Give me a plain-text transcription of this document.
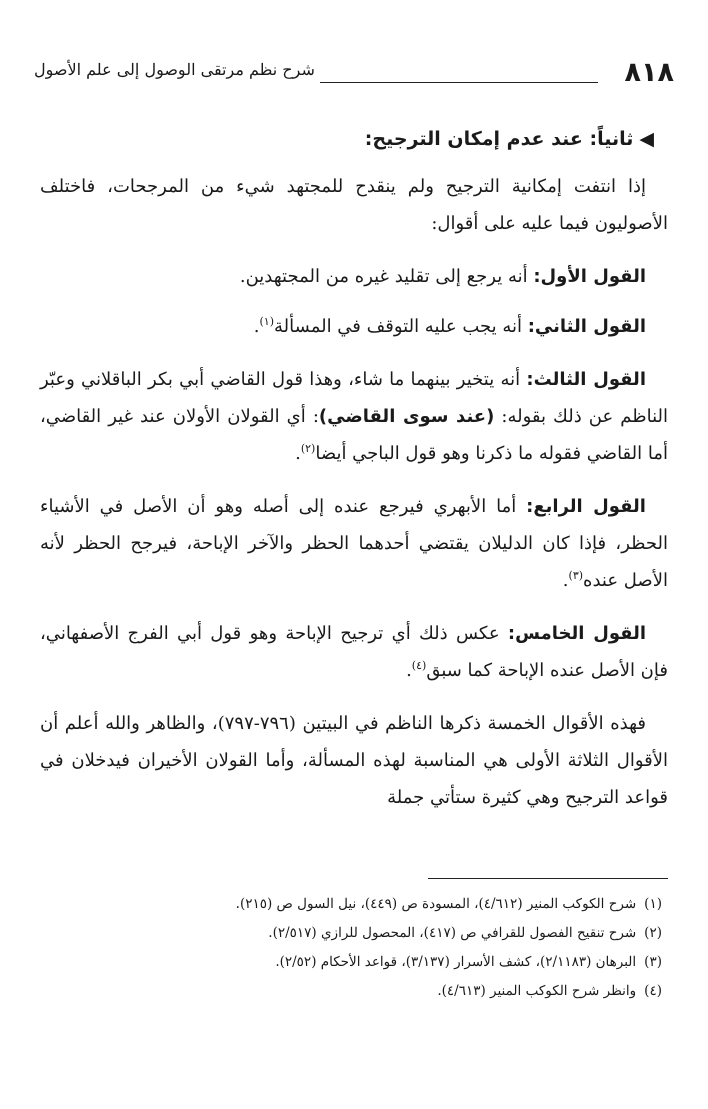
٨١٨
شرح نظم مرتقى الوصول إلى علم الأصول
◀ثانياً: عند عدم إمكان الترجيح:

إذا انتفت إمكانية الترجيح ولم ينقدح للمجتهد شيء من المرجحات، فاختلف الأصوليون فيما عليه على أقوال:

القول الأول: أنه يرجع إلى تقليد غيره من المجتهدين.

القول الثاني: أنه يجب عليه التوقف في المسألة$^{(١)}$.

القول الثالث: أنه يتخير بينهما ما شاء، وهذا قول القاضي أبي بكر الباقلاني وعبّر الناظم عن ذلك بقوله: (عند سوى القاضي): أي القولان الأولان عند غير القاضي، أما القاضي فقوله ما ذكرنا وهو قول الباجي أيضا$^{(٢)}$.

القول الرابع: أما الأبهري فيرجع عنده إلى أصله وهو أن الأصل في الأشياء الحظر، فإذا كان الدليلان يقتضي أحدهما الحظر والآخر الإباحة، فيرجح الحظر لأنه الأصل عنده$^{(٣)}$.

القول الخامس: عكس ذلك أي ترجيح الإباحة وهو قول أبي الفرج الأصفهاني، فإن الأصل عنده الإباحة كما سبق$^{(٤)}$.

فهذه الأقوال الخمسة ذكرها الناظم في البيتين (٧٩٦-٧٩٧)، والظاهر والله أعلم أن الأقوال الثلاثة الأولى هي المناسبة لهذه المسألة، وأما القولان الأخيران فيدخلان في قواعد الترجيح وهي كثيرة ستأتي جملة

(١)شرح الكوكب المنير (٤/٦١٢)، المسودة ص (٤٤٩)، نيل السول ص (٢١٥).
(٢)شرح تنقيح الفصول للقرافي ص (٤١٧)، المحصول للرازي (٢/٥١٧).
(٣)البرهان (٢/١١٨٣)، كشف الأسرار (٣/١٣٧)، قواعد الأحكام (٢/٥٢).
(٤)وانظر شرح الكوكب المنير (٤/٦١٣).
